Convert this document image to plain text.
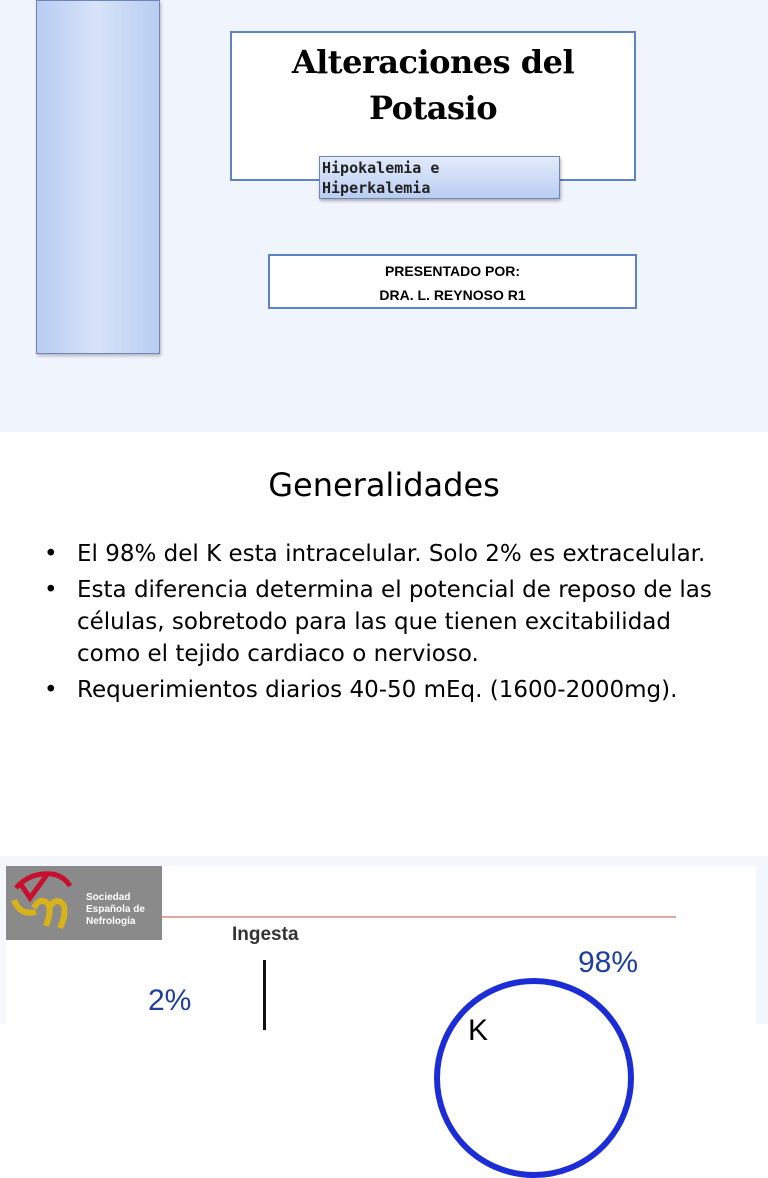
Alteraciones del
Potasio
Hipokalemia e
Hiperkalemia
PRESENTADO POR:
DRA. L. REYNOSO R1
Generalidades
• El 98% del K esta intracelular. Solo 2% es extracelular.
• Esta diferencia determina el potencial de reposo de las células, sobretodo para las que tienen excitabilidad como el tejido cardiaco o nervioso.
• Requerimientos diarios 40-50 mEq. (1600-2000mg).
Sociedad
Española de
Nefrología
Ingesta
98%
2%
K
